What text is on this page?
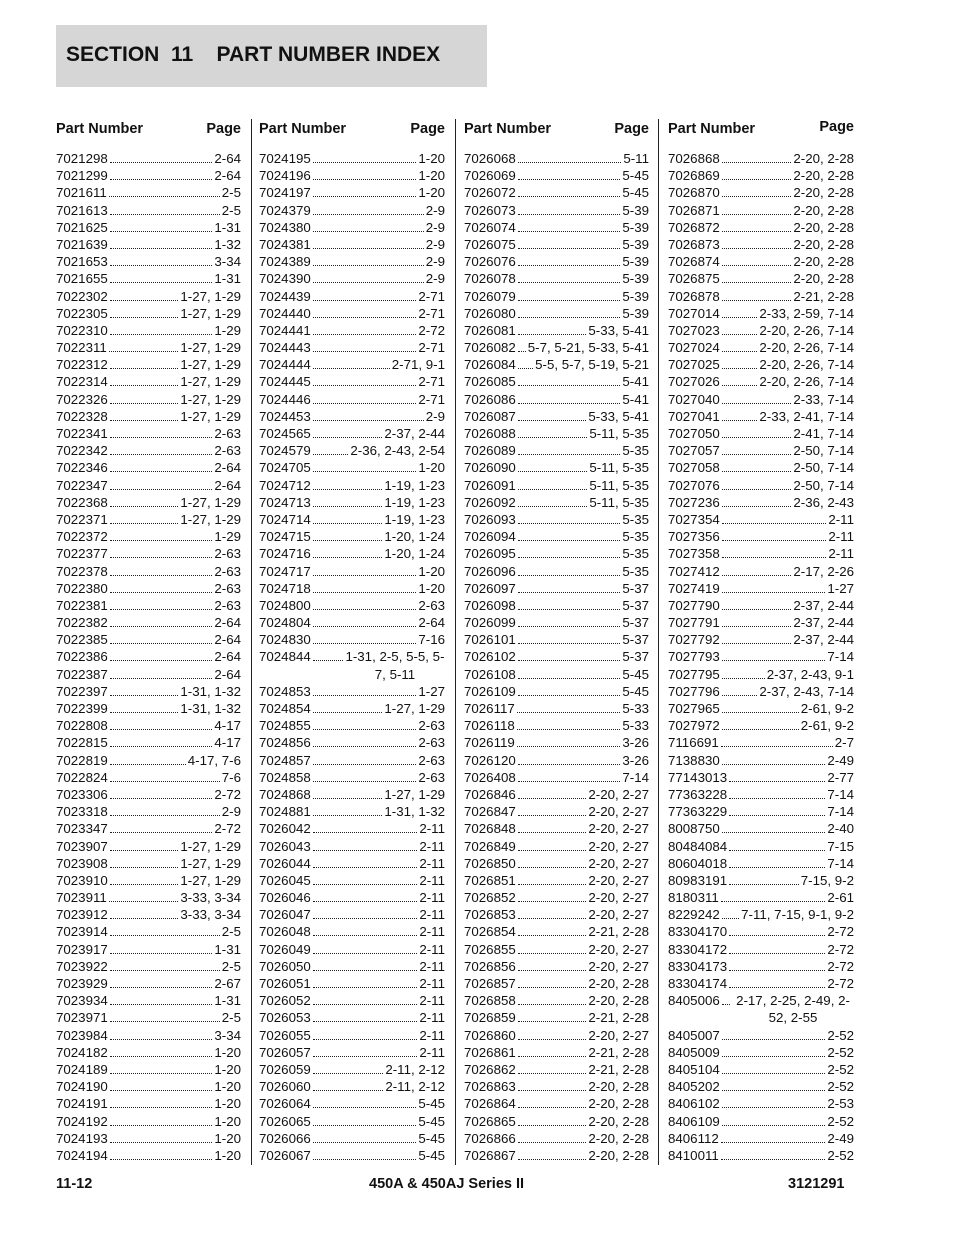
SECTION  11    PART NUMBER INDEX
Part Number	Page
7021298	2-64
7021299	2-64
7021611	2-5
7021613	2-5
7021625	1-31
7021639	1-32
7021653	3-34
7021655	1-31
7022302	1-27, 1-29
7022305	1-27, 1-29
7022310	1-29
7022311	1-27, 1-29
7022312	1-27, 1-29
7022314	1-27, 1-29
7022326	1-27, 1-29
7022328	1-27, 1-29
7022341	2-63
7022342	2-63
7022346	2-64
7022347	2-64
7022368	1-27, 1-29
7022371	1-27, 1-29
7022372	1-29
7022377	2-63
7022378	2-63
7022380	2-63
7022381	2-63
7022382	2-64
7022385	2-64
7022386	2-64
7022387	2-64
7022397	1-31, 1-32
7022399	1-31, 1-32
7022808	4-17
7022815	4-17
7022819	4-17, 7-6
7022824	7-6
7023306	2-72
7023318	2-9
7023347	2-72
7023907	1-27, 1-29
7023908	1-27, 1-29
7023910	1-27, 1-29
7023911	3-33, 3-34
7023912	3-33, 3-34
7023914	2-5
7023917	1-31
7023922	2-5
7023929	2-67
7023934	1-31
7023971	2-5
7023984	3-34
7024182	1-20
7024189	1-20
7024190	1-20
7024191	1-20
7024192	1-20
7024193	1-20
7024194	1-20
Part Number	Page
7024195	1-20
7024196	1-20
7024197	1-20
7024379	2-9
7024380	2-9
7024381	2-9
7024389	2-9
7024390	2-9
7024439	2-71
7024440	2-71
7024441	2-72
7024443	2-71
7024444	2-71, 9-1
7024445	2-71
7024446	2-71
7024453	2-9
7024565	2-37, 2-44
7024579	2-36, 2-43, 2-54
7024705	1-20
7024712	1-19, 1-23
7024713	1-19, 1-23
7024714	1-19, 1-23
7024715	1-20, 1-24
7024716	1-20, 1-24
7024717	1-20
7024718	1-20
7024800	2-63
7024804	2-64
7024830	7-16
7024844	1-31, 2-5, 5-5, 5-7, 5-11
7024853	1-27
7024854	1-27, 1-29
7024855	2-63
7024856	2-63
7024857	2-63
7024858	2-63
7024868	1-27, 1-29
7024881	1-31, 1-32
7026042	2-11
7026043	2-11
7026044	2-11
7026045	2-11
7026046	2-11
7026047	2-11
7026048	2-11
7026049	2-11
7026050	2-11
7026051	2-11
7026052	2-11
7026053	2-11
7026055	2-11
7026057	2-11
7026059	2-11, 2-12
7026060	2-11, 2-12
7026064	5-45
7026065	5-45
7026066	5-45
7026067	5-45
Part Number	Page
7026068	5-11
7026069	5-45
7026072	5-45
7026073	5-39
7026074	5-39
7026075	5-39
7026076	5-39
7026078	5-39
7026079	5-39
7026080	5-39
7026081	5-33, 5-41
7026082 5-7, 5-21, 5-33, 5-41
7026084 5-5, 5-7, 5-19, 5-21
7026085	5-41
7026086	5-41
7026087	5-33, 5-41
7026088	5-11, 5-35
7026089	5-35
7026090	5-11, 5-35
7026091	5-11, 5-35
7026092	5-11, 5-35
7026093	5-35
7026094	5-35
7026095	5-35
7026096	5-35
7026097	5-37
7026098	5-37
7026099	5-37
7026101	5-37
7026102	5-37
7026108	5-45
7026109	5-45
7026117	5-33
7026118	5-33
7026119	3-26
7026120	3-26
7026408	7-14
7026846	2-20, 2-27
7026847	2-20, 2-27
7026848	2-20, 2-27
7026849	2-20, 2-27
7026850	2-20, 2-27
7026851	2-20, 2-27
7026852	2-20, 2-27
7026853	2-20, 2-27
7026854	2-21, 2-28
7026855	2-20, 2-27
7026856	2-20, 2-27
7026857	2-20, 2-28
7026858	2-20, 2-28
7026859	2-21, 2-28
7026860	2-20, 2-27
7026861	2-21, 2-28
7026862	2-21, 2-28
7026863	2-20, 2-28
7026864	2-20, 2-28
7026865	2-20, 2-28
7026866	2-20, 2-28
7026867	2-20, 2-28
Part Number	Page
7026868	2-20, 2-28
7026869	2-20, 2-28
7026870	2-20, 2-28
7026871	2-20, 2-28
7026872	2-20, 2-28
7026873	2-20, 2-28
7026874	2-20, 2-28
7026875	2-20, 2-28
7026878	2-21, 2-28
7027014	2-33, 2-59, 7-14
7027023	2-20, 2-26, 7-14
7027024	2-20, 2-26, 7-14
7027025	2-20, 2-26, 7-14
7027026	2-20, 2-26, 7-14
7027040	2-33, 7-14
7027041	2-33, 2-41, 7-14
7027050	2-41, 7-14
7027057	2-50, 7-14
7027058	2-50, 7-14
7027076	2-50, 7-14
7027236	2-36, 2-43
7027354	2-11
7027356	2-11
7027358	2-11
7027412	2-17, 2-26
7027419	1-27
7027790	2-37, 2-44
7027791	2-37, 2-44
7027792	2-37, 2-44
7027793	7-14
7027795	2-37, 2-43, 9-1
7027796	2-37, 2-43, 7-14
7027965	2-61, 9-2
7027972	2-61, 9-2
7116691	2-7
7138830	2-49
77143013	2-77
77363228	7-14
77363229	7-14
8008750	2-40
80484084	7-15
80604018	7-14
80983191	7-15, 9-2
8180311	2-61
8229242 7-11, 7-15, 9-1, 9-2
83304170	2-72
83304172	2-72
83304173	2-72
83304174	2-72
8405006	2-17, 2-25, 2-49, 2-52, 2-55
8405007	2-52
8405009	2-52
8405104	2-52
8405202	2-52
8406102	2-53
8406109	2-52
8406112	2-49
8410011	2-52
11-12	450A & 450AJ Series II	3121291
